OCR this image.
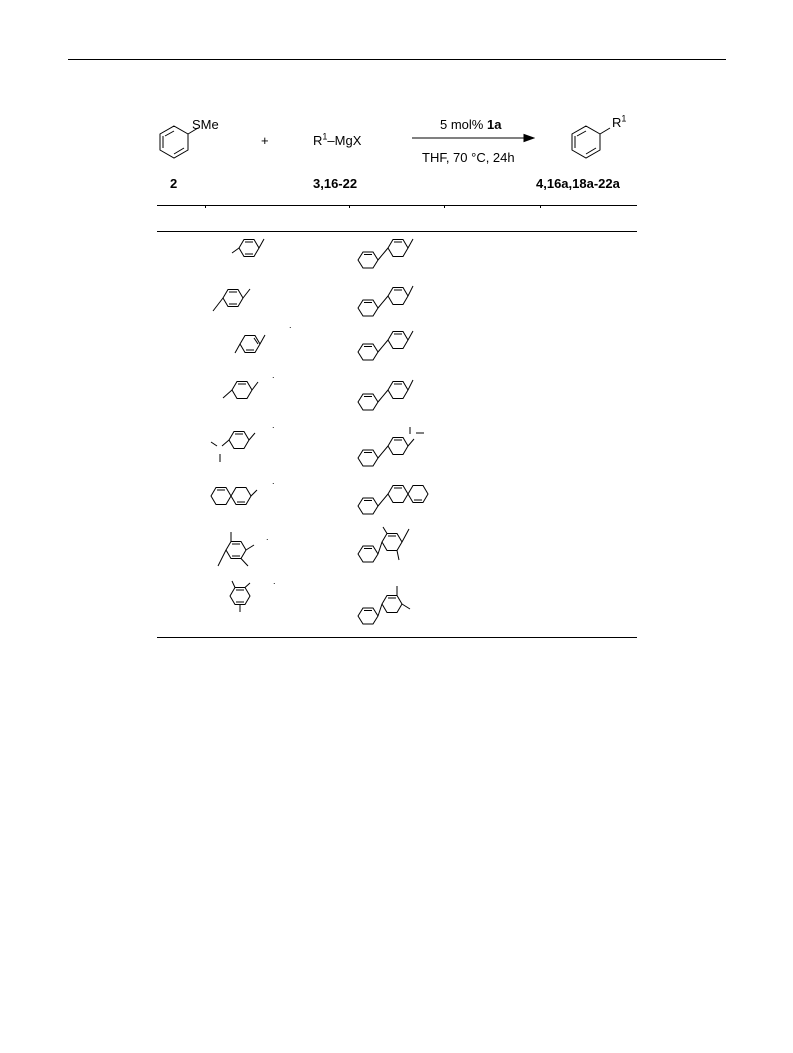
SMe
2
+	$R^1$–MgX
3,16-22
5 mol% 1a
THF, 70 °C, 24h
$R^1$
4,16a,18a-22a
.
.
.
.
.
.
